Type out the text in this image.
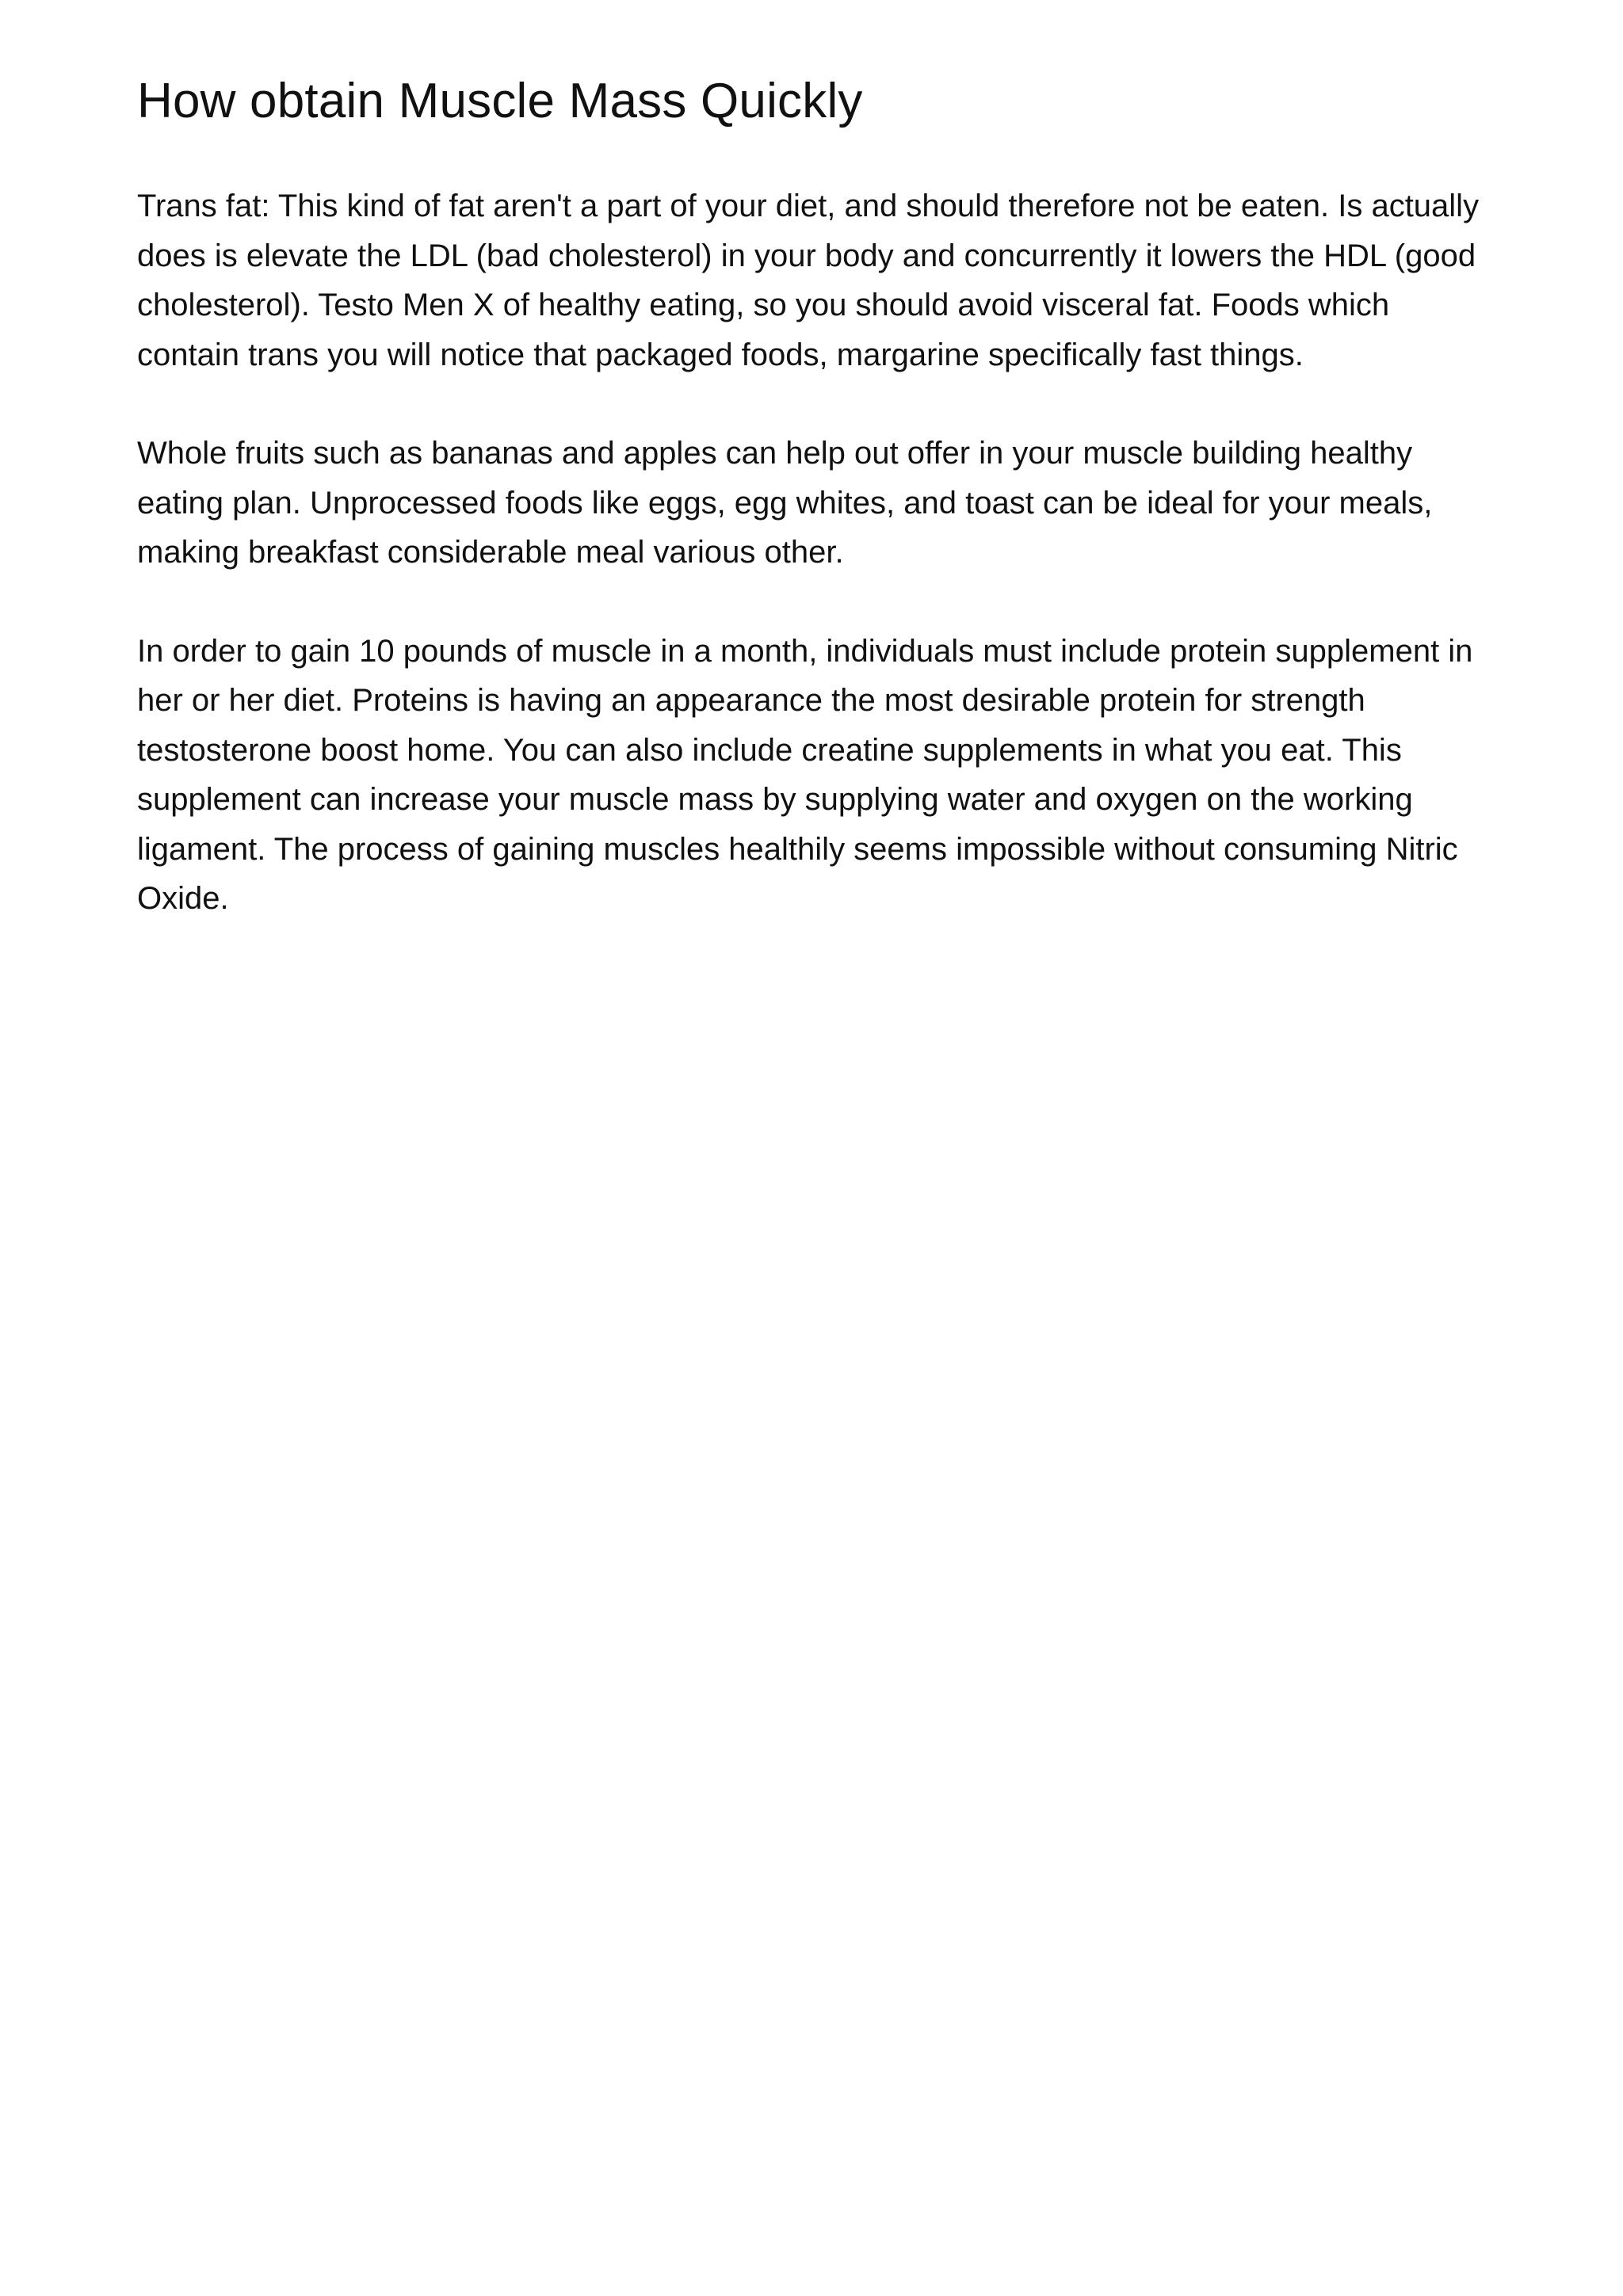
How obtain Muscle Mass Quickly

Trans fat: This kind of fat aren't a part of your diet, and should therefore not be eaten. Is actually does is elevate the LDL (bad cholesterol) in your body and concurrently it lowers the HDL (good cholesterol). Testo Men X of healthy eating, so you should avoid visceral fat. Foods which contain trans you will notice that packaged foods, margarine specifically fast things.

Whole fruits such as bananas and apples can help out offer in your muscle building healthy eating plan. Unprocessed foods like eggs, egg whites, and toast can be ideal for your meals, making breakfast considerable meal various other.

In order to gain 10 pounds of muscle in a month, individuals must include protein supplement in her or her diet. Proteins is having an appearance the most desirable protein for strength testosterone boost home. You can also include creatine supplements in what you eat. This supplement can increase your muscle mass by supplying water and oxygen on the working ligament. The process of gaining muscles healthily seems impossible without consuming Nitric Oxide.
